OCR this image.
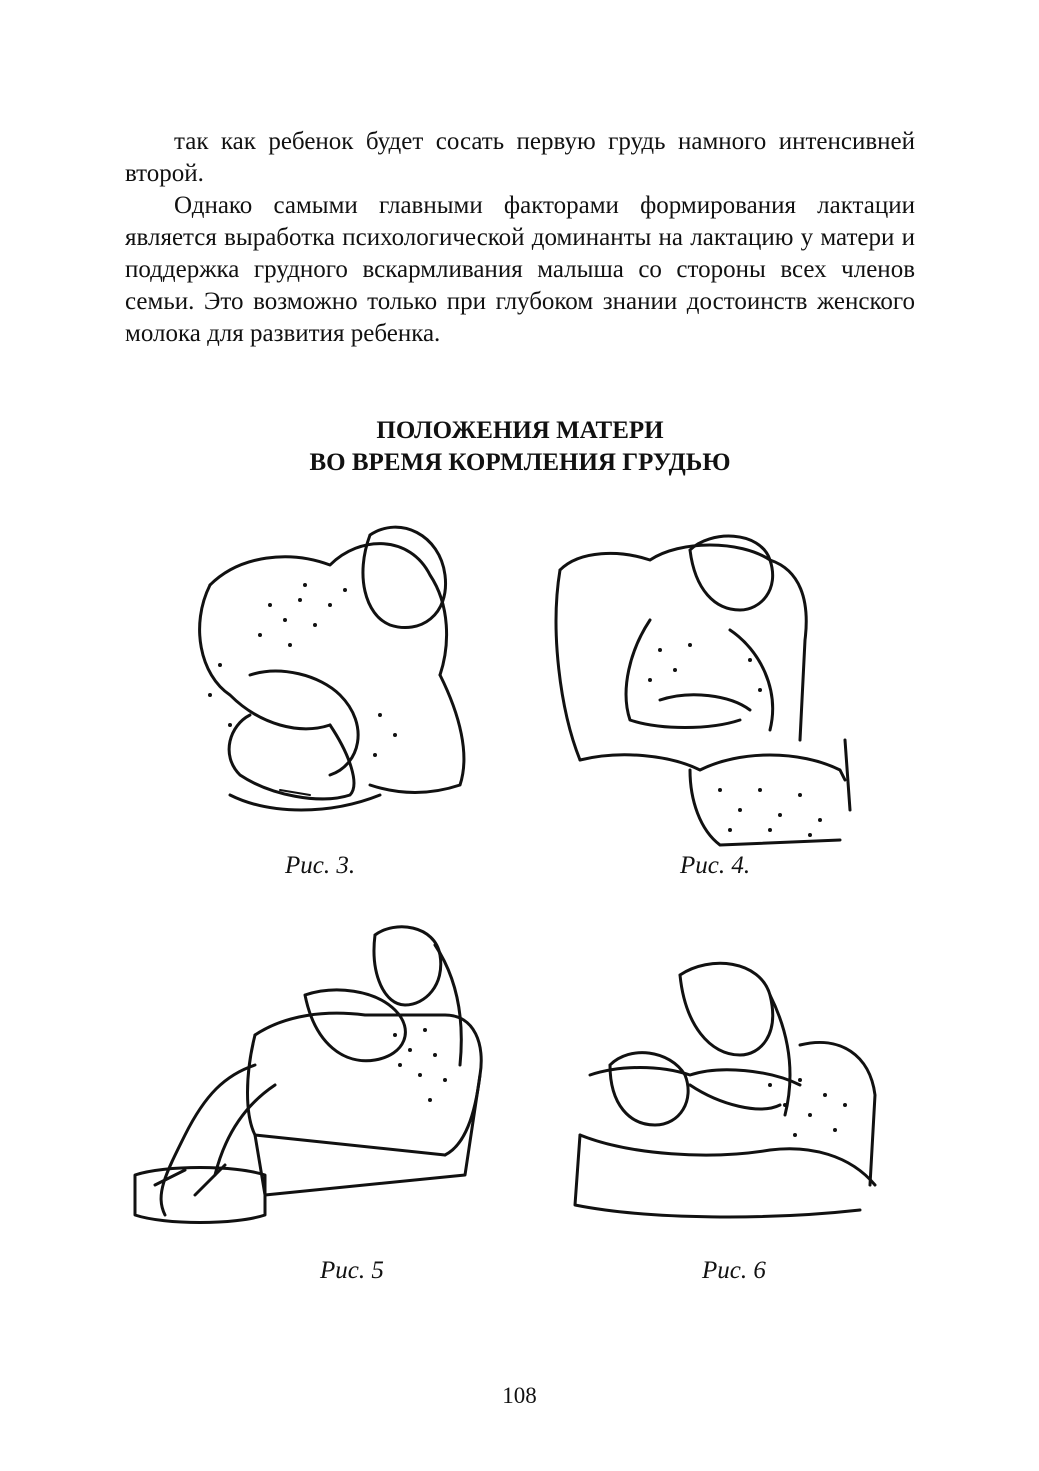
так как ребенок будет сосать первую грудь намного интенсивней второй.

Однако самыми главными факторами формирования лактации является выработка психологической доминанты на лактацию у матери и поддержка грудного вскармливания малыша со стороны всех членов семьи. Это возможно только при глубоком знании достоинств женского молока для развития ребенка.

ПОЛОЖЕНИЯ МАТЕРИ
ВО ВРЕМЯ КОРМЛЕНИЯ ГРУДЬЮ
Рис. 3.	Рис. 4.
Рис. 5	Рис. 6
108
